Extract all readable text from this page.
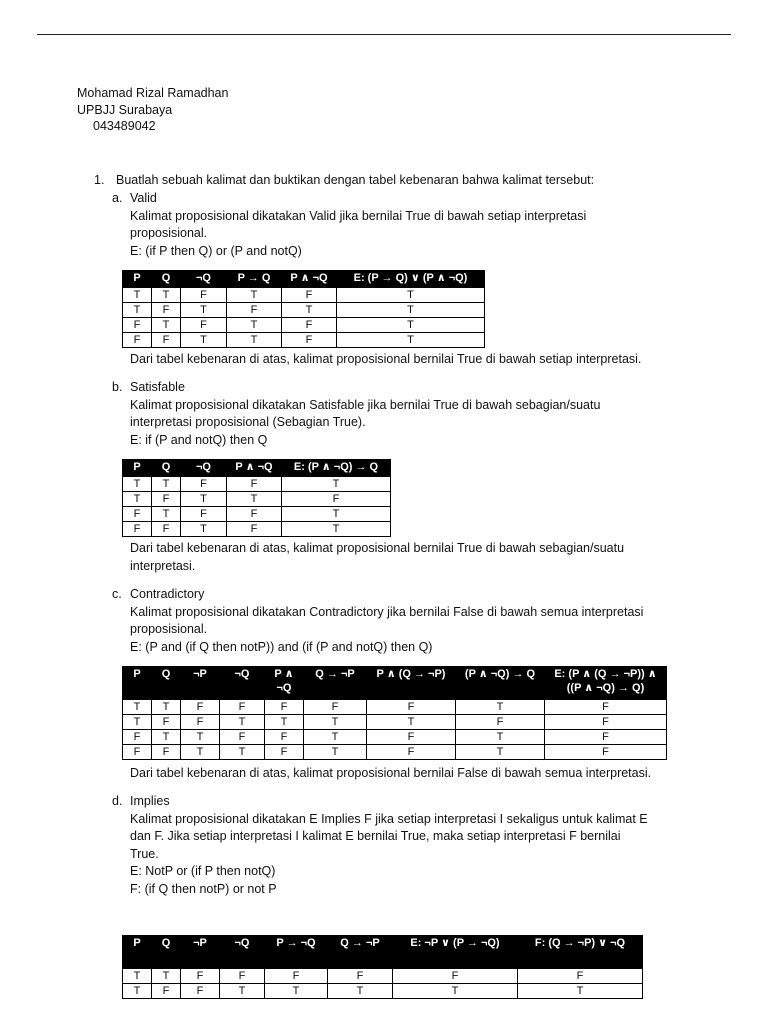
Mohamad Rizal Ramadhan
UPBJJ Surabaya
043489042
1. Buatlah sebuah kalimat dan buktikan dengan tabel kebenaran bahwa kalimat tersebut:
a. Valid

Kalimat proposisional dikatakan Valid jika bernilai True di bawah setiap interpretasi

proposisional.

E: (if P then Q) or (P and notQ)

P	Q	¬Q	P → Q	P ∧ ¬Q	E: (P → Q) ∨ (P ∧ ¬Q)
T	T	F	T	F	T
T	F	T	F	T	T
F	T	F	T	F	T
F	F	T	T	F	T
Dari tabel kebenaran di atas, kalimat proposisional bernilai True di bawah setiap interpretasi.
b. Satisfable

Kalimat proposisional dikatakan Satisfable jika bernilai True di bawah sebagian/suatu

interpretasi proposisional (Sebagian True).

E: if (P and notQ) then Q

P	Q	¬Q	P ∧ ¬Q	E: (P ∧ ¬Q) → Q
T	T	F	F	T
T	F	T	T	F
F	T	F	F	T
F	F	T	F	T
Dari tabel kebenaran di atas, kalimat proposisional bernilai True di bawah sebagian/suatu
interpretasi.
c. Contradictory

Kalimat proposisional dikatakan Contradictory jika bernilai False di bawah semua interpretasi

proposisional.

E: (P and (if Q then notP)) and (if (P and notQ) then Q)

P	Q	¬P	¬Q	P ∧ ¬Q	Q → ¬P	P ∧ (Q → ¬P)	(P ∧ ¬Q) → Q	E: (P ∧ (Q → ¬P)) ∧ ((P ∧ ¬Q) → Q)
T	T	F	F	F	F	F	T	F
T	F	F	T	T	T	T	F	F
F	T	T	F	F	T	F	T	F
F	F	T	T	F	T	F	T	F
Dari tabel kebenaran di atas, kalimat proposisional bernilai False di bawah semua interpretasi.
d. Implies

Kalimat proposisional dikatakan E Implies F jika setiap interpretasi I sekaligus untuk kalimat E

dan F. Jika setiap interpretasi I kalimat E bernilai True, maka setiap interpretasi F bernilai

True.

E: NotP or (if P then notQ)

F: (if Q then notP) or not P

P	Q	¬P	¬Q	P → ¬Q	Q → ¬P	E: ¬P ∨ (P → ¬Q)	F: (Q → ¬P) ∨ ¬Q
T	T	F	F	F	F	F	F
T	F	F	T	T	T	T	T
